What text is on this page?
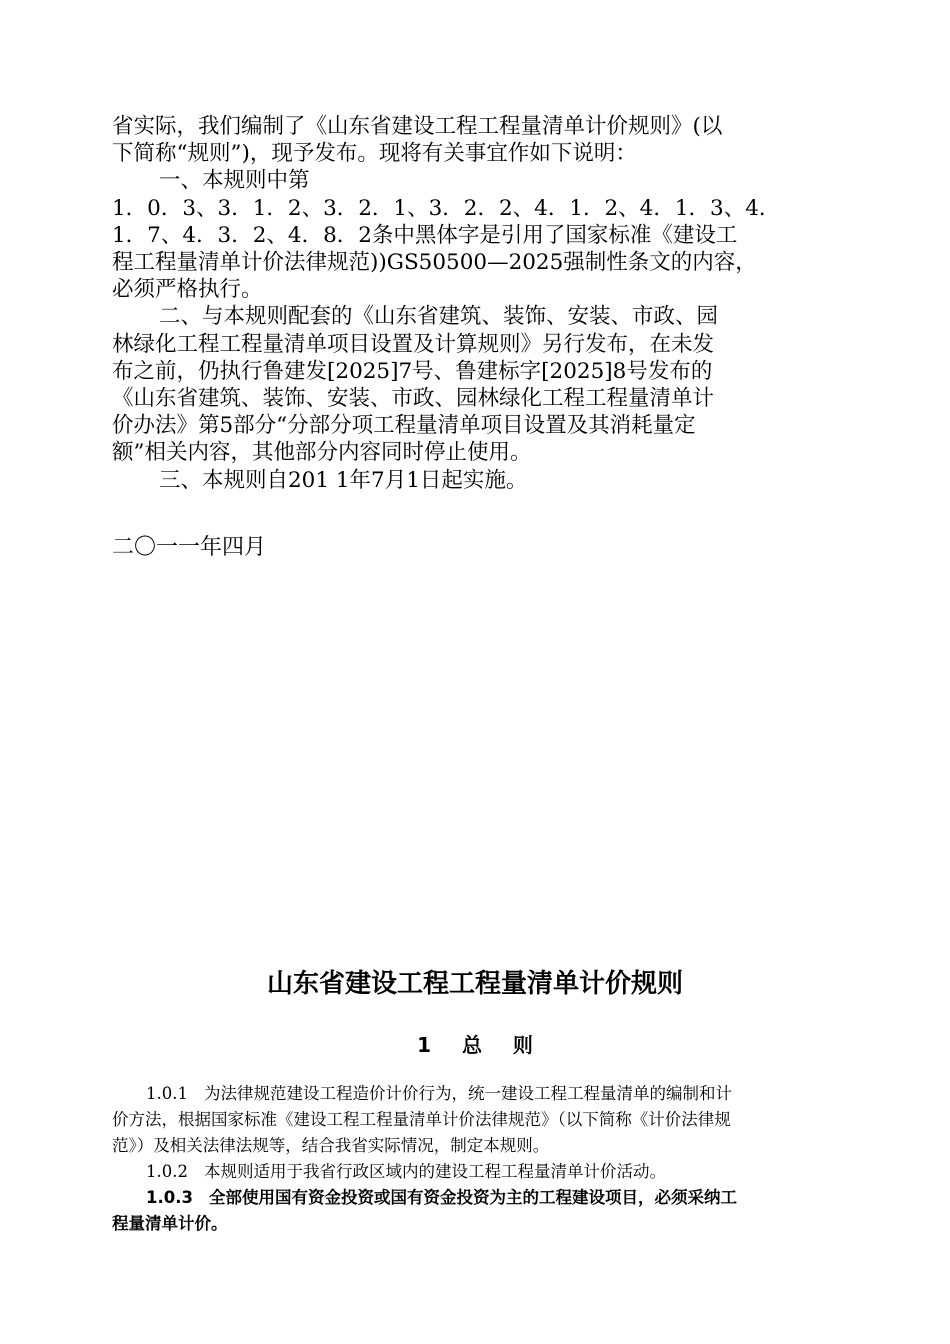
省实际，我们编制了《山东省建设工程工程量清单计价规则》(以

下简称“规则”)，现予发布。现将有关事宜作如下说明：

一、本规则中第

1．0．3、3．1．2、3．2．1、3．2．2、4．1．2、4．1．3、4．

1．7、4．3．2、4．8．2条中黑体字是引用了国家标准《建设工

程工程量清单计价法律规范))GS50500—2025强制性条文的内容，

必须严格执行。

二、与本规则配套的《山东省建筑、装饰、安装、市政、园

林绿化工程工程量清单项目设置及计算规则》另行发布，在未发

布之前，仍执行鲁建发[2025]7号、鲁建标字[2025]8号发布的

《山东省建筑、装饰、安装、市政、园林绿化工程工程量清单计

价办法》第5部分“分部分项工程量清单项目设置及其消耗量定

额”相关内容，其他部分内容同时停止使用。

三、本规则自201 1年7月1日起实施。

二〇一一年四月
山东省建设工程工程量清单计价规则
1 总 则

1.0.1 为法律规范建设工程造价计价行为，统一建设工程工程量清单的编制和计

价方法，根据国家标准《建设工程工程量清单计价法律规范》（以下简称《计价法律规

范》）及相关法律法规等，结合我省实际情况，制定本规则。

1.0.2 本规则适用于我省行政区域内的建设工程工程量清单计价活动。

1.0.3 全部使用国有资金投资或国有资金投资为主的工程建设项目，必须采纳工

程量清单计价。
